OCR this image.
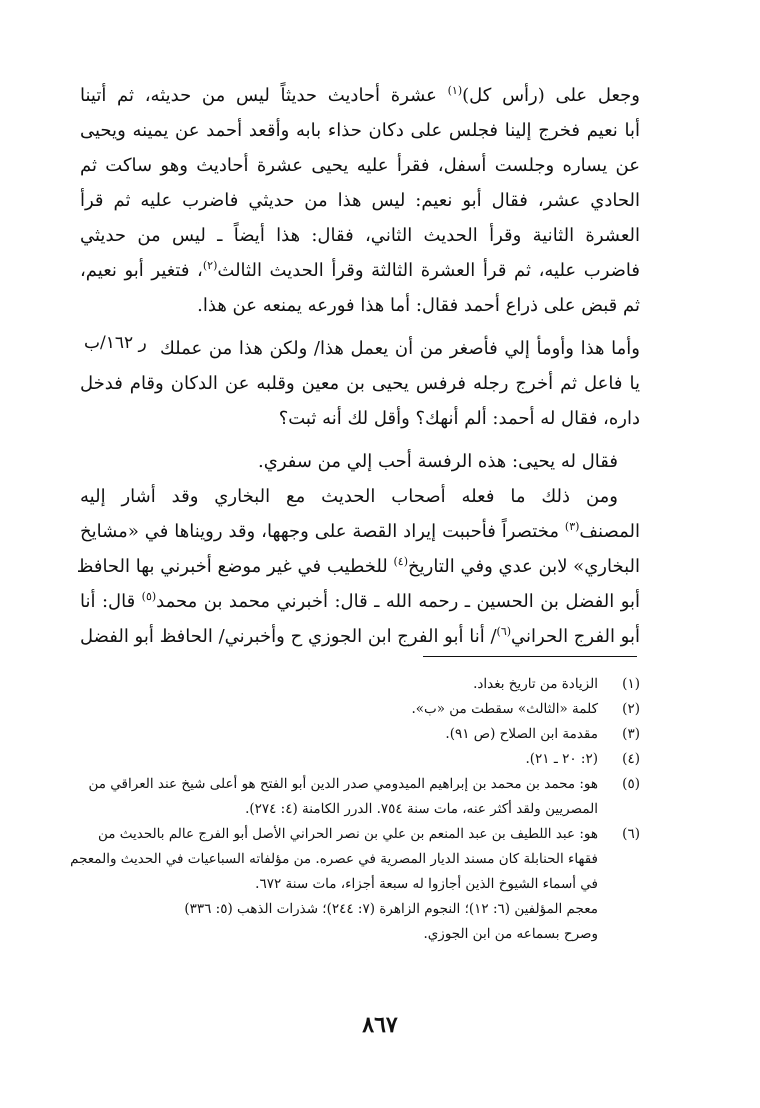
وجعل على (رأس كل)$^{(١)}$ عشرة أحاديث حديثاً ليس من حديثه، ثم أتينا
أبا نعيم فخرج إلينا فجلس على دكان حذاء بابه وأقعد أحمد عن يمينه ويحيى
عن يساره وجلست أسفل، فقرأ عليه يحيى عشرة أحاديث وهو ساكت ثم
الحادي عشر، فقال أبو نعيم: ليس هذا من حديثي فاضرب عليه ثم قرأ
العشرة الثانية وقرأ الحديث الثاني، فقال: هذا أيضاً ـ ليس من حديثي
فاضرب عليه، ثم قرأ العشرة الثالثة وقرأ الحديث الثالث$^{(٢)}$، فتغير أبو نعيم،
ثم قبض على ذراع أحمد فقال: أما هذا فورعه يمنعه عن هذا.
وأما هذا وأومأ إلي فأصغر من أن يعمل هذا/ ولكن هذا من عملك
يا فاعل ثم أخرج رجله فرفس يحيى بن معين وقلبه عن الدكان وقام فدخل
داره، فقال له أحمد: ألم أنهك؟ وأقل لك أنه ثبت؟
فقال له يحيى: هذه الرفسة أحب إلي من سفري.
ومن ذلك ما فعله أصحاب الحديث مع البخاري وقد أشار إليه
المصنف$^{(٣)}$ مختصراً فأحببت إيراد القصة على وجهها، وقد رويناها في «مشايخ
البخاري» لابن عدي وفي التاريخ$^{(٤)}$ للخطيب في غير موضع أخبرني بها الحافظ
أبو الفضل بن الحسين ـ رحمه الله ـ قال: أخبرني محمد بن محمد$^{(٥)}$ قال: أنا
أبو الفرج الحراني$^{(٦)}$/ أنا أبو الفرج ابن الجوزي ح وأخبرني/ الحافظ أبو الفضل
ر ١٦٢/ب
(١)
الزيادة من تاريخ بغداد.
(٢)
كلمة «الثالث» سقطت من «ب».
(٣)
مقدمة ابن الصلاح (ص ٩١).
(٤)
(٢: ٢٠ ـ ٢١).
(٥)
هو: محمد بن محمد بن إبراهيم الميدومي صدر الدين أبو الفتح هو أعلى شيخ عند العراقي من
المصريين ولقد أكثر عنه، مات سنة ٧٥٤. الدرر الكامنة (٤: ٢٧٤).
(٦)
هو: عبد اللطيف بن عبد المنعم بن علي بن نصر الحراني الأصل أبو الفرج عالم بالحديث من
فقهاء الحنابلة كان مسند الديار المصرية في عصره. من مؤلفاته السباعيات في الحديث والمعجم
في أسماء الشيوخ الذين أجازوا له سبعة أجزاء، مات سنة ٦٧٢.
معجم المؤلفين (٦: ١٢)؛ النجوم الزاهرة (٧: ٢٤٤)؛ شذرات الذهب (٥: ٣٣٦)
وصرح بسماعه من ابن الجوزي.
٨٦٧
